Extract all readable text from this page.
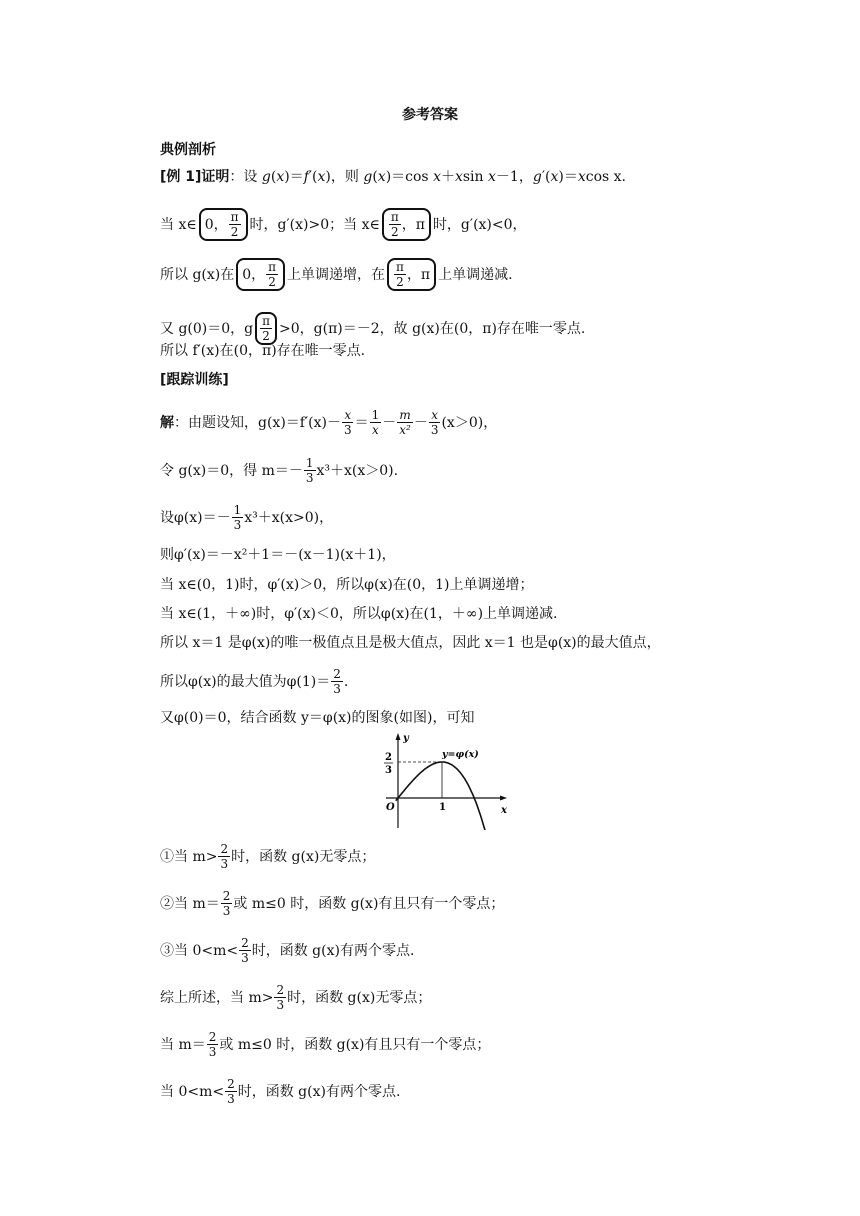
参考答案
典例剖析
[例 1]证明 ：设 g(x)＝f′(x)，则 g(x)＝cos x＋xsin x－1，g′(x)＝xcos x.
当 x∈ 0， $\frac{\pi}{2}$ 时，g′(x)>0；当 x∈ $\frac{\pi}{2}$ ，π 时，g′(x)<0，
所以 g(x)在 0， $\frac{\pi}{2}$ 上单调递增，在 $\frac{\pi}{2}$ ，π 上单调递减.
又 g(0)＝0，g $\frac{\pi}{2} >0$，g(π)＝－2，故 g(x)在(0，π)存在唯一零点.
所以 f′(x)在(0，π)存在唯一零点.
[跟踪训练]
解 ：由题设知，$g(x)=f'(x)- \frac{x}{3} = \frac{1}{x} - \frac{m}{\text{x²}} - \frac{x}{3} (x>0)$，
令 g(x)＝0，得 $m=- \frac{1}{3} x^3+x(x>0)$.
设$\varphi(x)=- \frac{1}{3} x^3+x(x>0)$，
则φ′(x)＝－x²＋1＝－(x－1)(x＋1)，
当 x∈(0，1)时，φ′(x)＞0，所以φ(x)在(0，1)上单调递增；
当 x∈(1，＋∞)时，φ′(x)＜0，所以φ(x)在(1，＋∞)上单调递减.
所以 x＝1 是φ(x)的唯一极值点且是极大值点，因此 x＝1 也是φ(x)的最大值点，
所以φ(x)的最大值为$\varphi(1)= \frac{2}{3}$ .
又φ(0)＝0，结合函数 y＝φ(x)的图象(如图)，可知
y
x
O	1
2
3
y=φ(x)
①当 $m> \frac{2}{3}$ 时，函数 g(x)无零点；
②当 $m= \frac{2}{3}$ 或 m≤0 时，函数 g(x)有且只有一个零点；
③当 $0<m< \frac{2}{3}$ 时，函数 g(x)有两个零点.
综上所述，当 $m> \frac{2}{3}$ 时，函数 g(x)无零点；
当 $m= \frac{2}{3}$ 或 m≤0 时，函数 g(x)有且只有一个零点；
当 $0<m< \frac{2}{3}$ 时，函数 g(x)有两个零点.
